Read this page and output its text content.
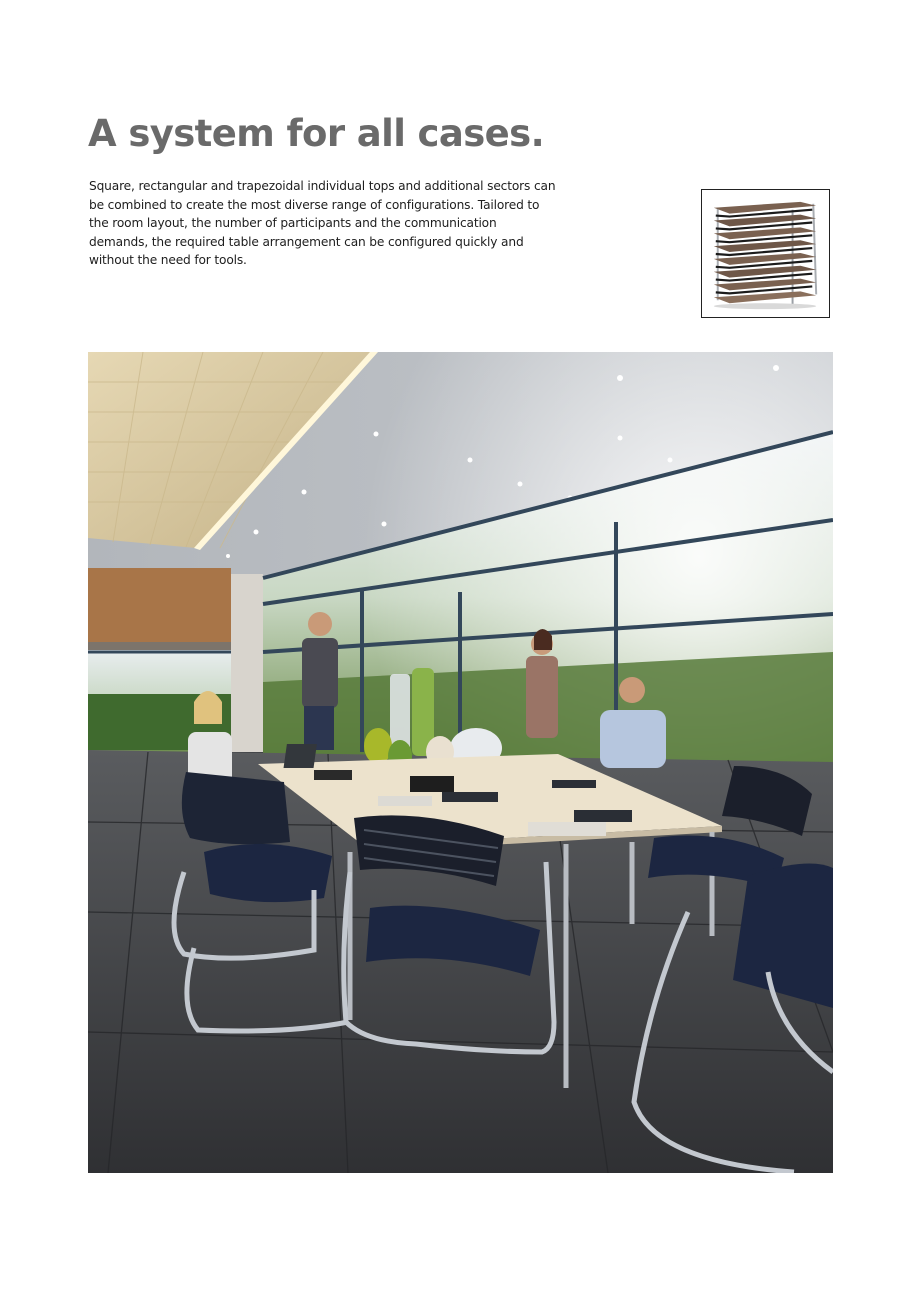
A system for all cases.

Square, rectangular and trapezoidal individual tops and additional sectors can be combined to create the most diverse range of configurations. Tailored to the room layout, the number of participants and the communication demands, the required table arrangement can be configured quickly and without the need for tools.
